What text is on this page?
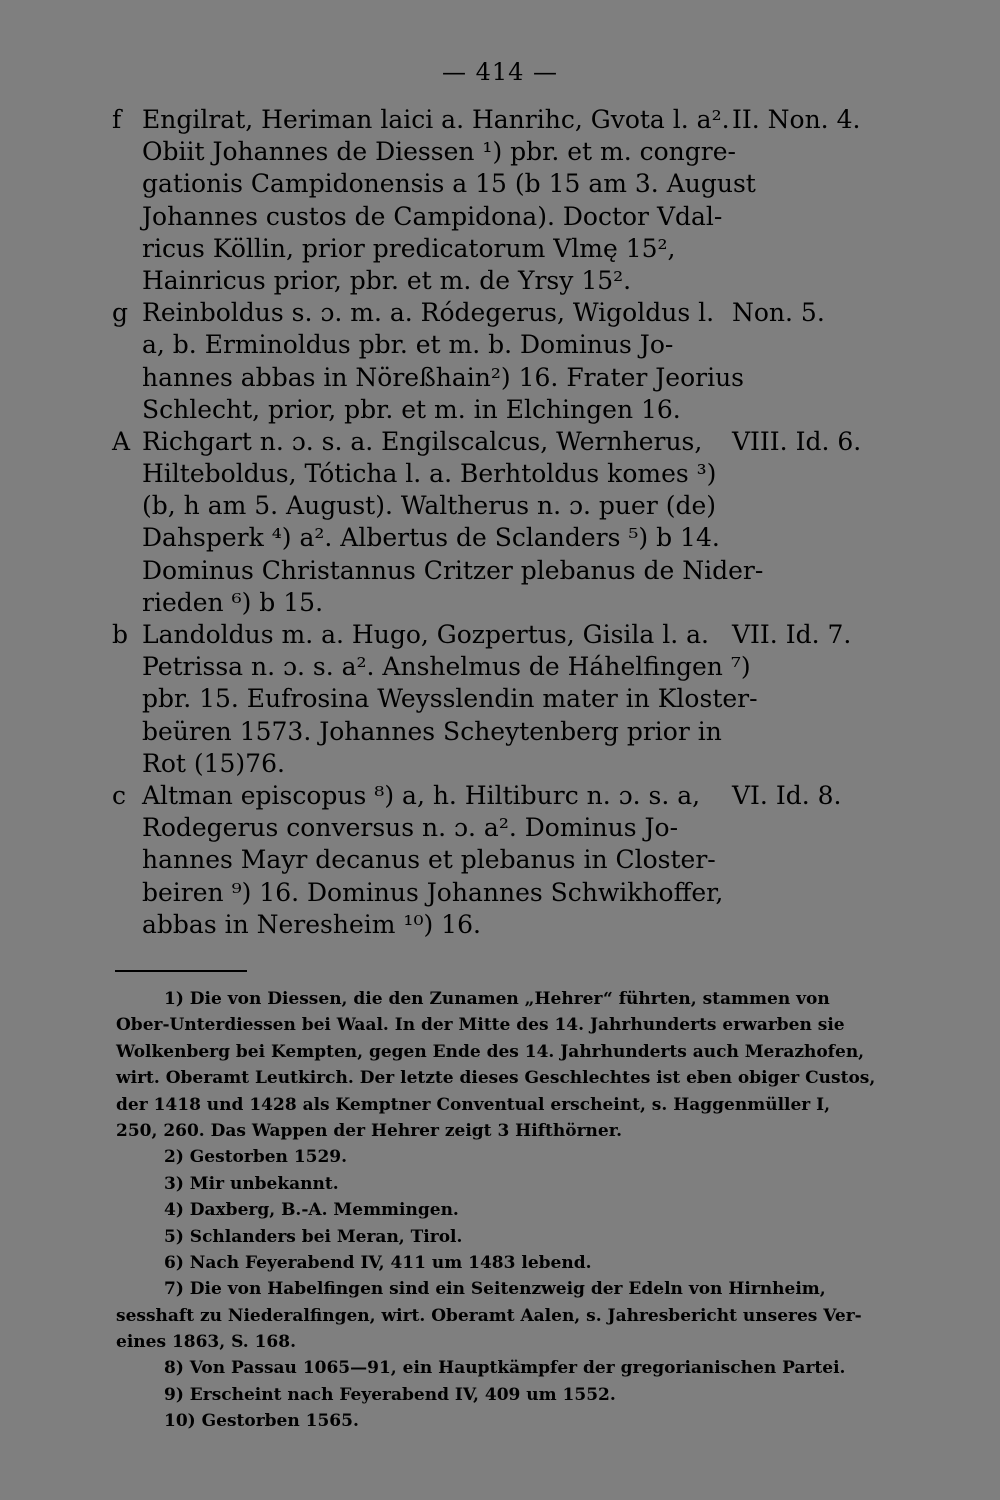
— 414 —
f Engilrat, Heriman laici a. Hanrihc, Gvota l. a². II. Non. 4.
Obiit Johannes de Diessen ¹) pbr. et m. congre-
gationis Campidonensis a 15 (b 15 am 3. August
Johannes custos de Campidona). Doctor Vdal-
ricus Köllin, prior predicatorum Vlmę 15²,
Hainricus prior, pbr. et m. de Yrsy 15².
g Reinboldus s. ɔ. m. a. Ródegerus, Wigoldus l. Non. 5.
a, b. Erminoldus pbr. et m. b. Dominus Jo-
hannes abbas in Nöreßhain²) 16. Frater Jeorius
Schlecht, prior, pbr. et m. in Elchingen 16.
A Richgart n. ɔ. s. a. Engilscalcus, Wernherus, VIII. Id. 6.
Hilteboldus, Tóticha l. a. Berhtoldus komes ³)
(b, h am 5. August). Waltherus n. ɔ. puer (de)
Dahsperk ⁴) a². Albertus de Sclanders ⁵) b 14.
Dominus Christannus Critzer plebanus de Nider-
rieden ⁶) b 15.
b Landoldus m. a. Hugo, Gozpertus, Gisila l. a. VII. Id. 7.
Petrissa n. ɔ. s. a². Anshelmus de Háhelfingen ⁷)
pbr. 15. Eufrosina Weysslendin mater in Kloster-
beüren 1573. Johannes Scheytenberg prior in
Rot (15)76.
c Altman episcopus ⁸) a, h. Hiltiburc n. ɔ. s. a, VI. Id. 8.
Rodegerus conversus n. ɔ. a². Dominus Jo-
hannes Mayr decanus et plebanus in Closter-
beiren ⁹) 16. Dominus Johannes Schwikhoffer,
abbas in Neresheim ¹⁰) 16.
1) Die von Diessen, die den Zunamen „Hehrer“ führten, stammen von
Ober-Unterdiessen bei Waal. In der Mitte des 14. Jahrhunderts erwarben sie
Wolkenberg bei Kempten, gegen Ende des 14. Jahrhunderts auch Merazhofen,
wirt. Oberamt Leutkirch. Der letzte dieses Geschlechtes ist eben obiger Custos,
der 1418 und 1428 als Kemptner Conventual erscheint, s. Haggenmüller I,
250, 260. Das Wappen der Hehrer zeigt 3 Hifthörner.
2) Gestorben 1529.
3) Mir unbekannt.
4) Daxberg, B.-A. Memmingen.
5) Schlanders bei Meran, Tirol.
6) Nach Feyerabend IV, 411 um 1483 lebend.
7) Die von Habelfingen sind ein Seitenzweig der Edeln von Hirnheim,
sesshaft zu Niederalfingen, wirt. Oberamt Aalen, s. Jahresbericht unseres Ver-
eines 1863, S. 168.
8) Von Passau 1065—91, ein Hauptkämpfer der gregorianischen Partei.
9) Erscheint nach Feyerabend IV, 409 um 1552.
10) Gestorben 1565.
